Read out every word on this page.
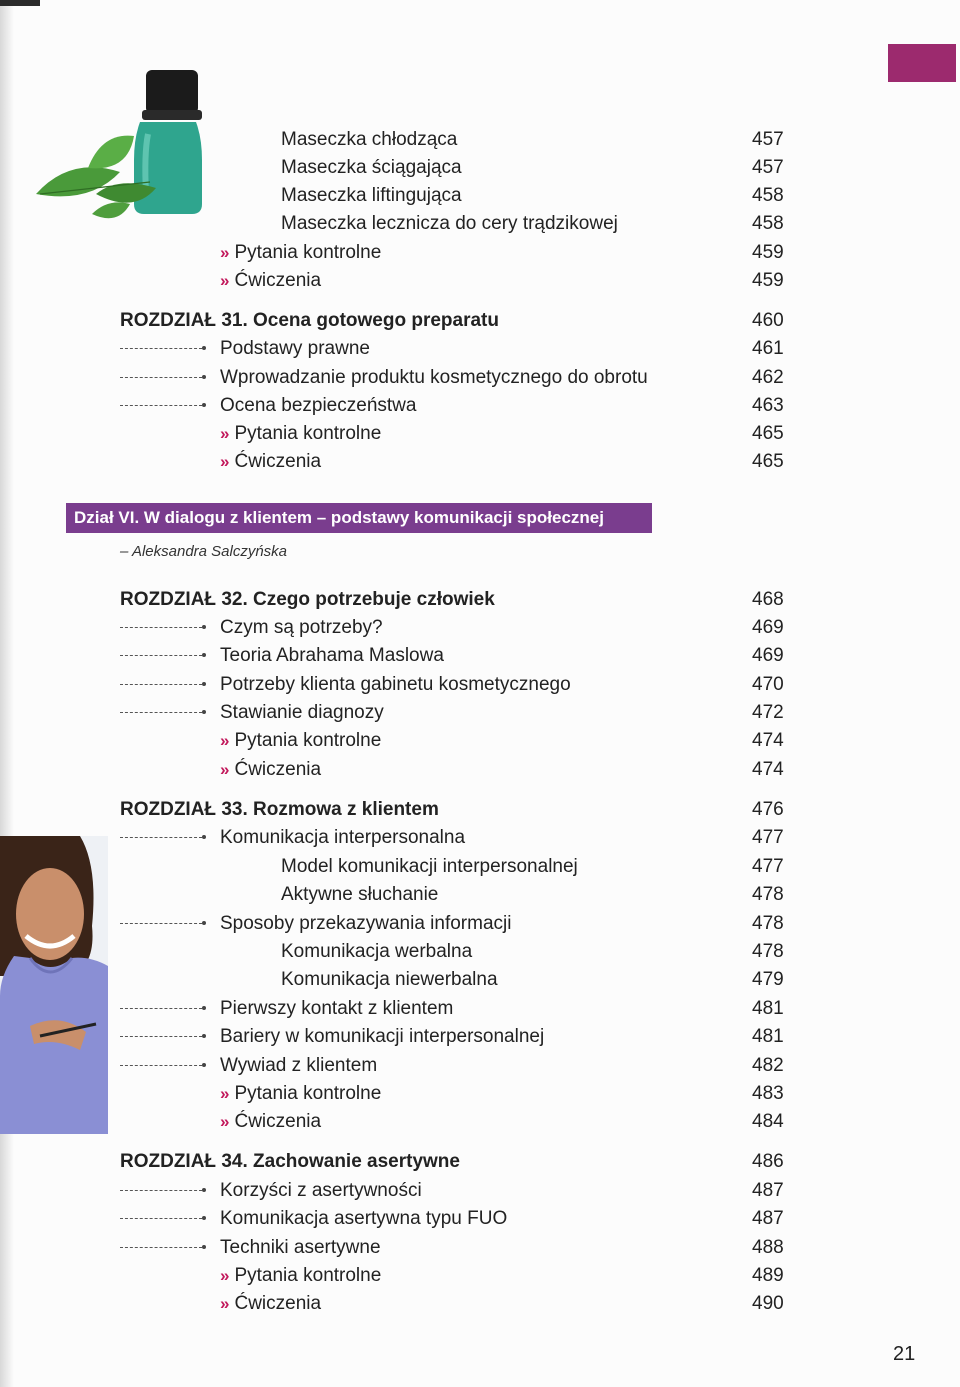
Maseczka chłodząca	457
Maseczka ściągająca	457
Maseczka liftingująca	458
Maseczka lecznicza do cery trądzikowej	458
» Pytania kontrolne	459
» Ćwiczenia	459
ROZDZIAŁ 31. Ocena gotowego preparatu	460
Podstawy prawne	461
Wprowadzanie produktu kosmetycznego do obrotu	462
Ocena bezpieczeństwa	463
» Pytania kontrolne	465
» Ćwiczenia	465
ROZDZIAŁ 32. Czego potrzebuje człowiek	468
Czym są potrzeby?	469
Teoria Abrahama Maslowa	469
Potrzeby klienta gabinetu kosmetycznego	470
Stawianie diagnozy	472
» Pytania kontrolne	474
» Ćwiczenia	474
ROZDZIAŁ 33. Rozmowa z klientem	476
Komunikacja interpersonalna	477
Model komunikacji interpersonalnej	477
Aktywne słuchanie	478
Sposoby przekazywania informacji	478
Komunikacja werbalna	478
Komunikacja niewerbalna	479
Pierwszy kontakt z klientem	481
Bariery w komunikacji interpersonalnej	481
Wywiad z klientem	482
» Pytania kontrolne	483
» Ćwiczenia	484
ROZDZIAŁ 34. Zachowanie asertywne	486
Korzyści z asertywności	487
Komunikacja asertywna typu FUO	487
Techniki asertywne	488
» Pytania kontrolne	489
» Ćwiczenia	490
Dział VI. W dialogu z klientem – podstawy komunikacji społecznej
– Aleksandra Salczyńska
21
